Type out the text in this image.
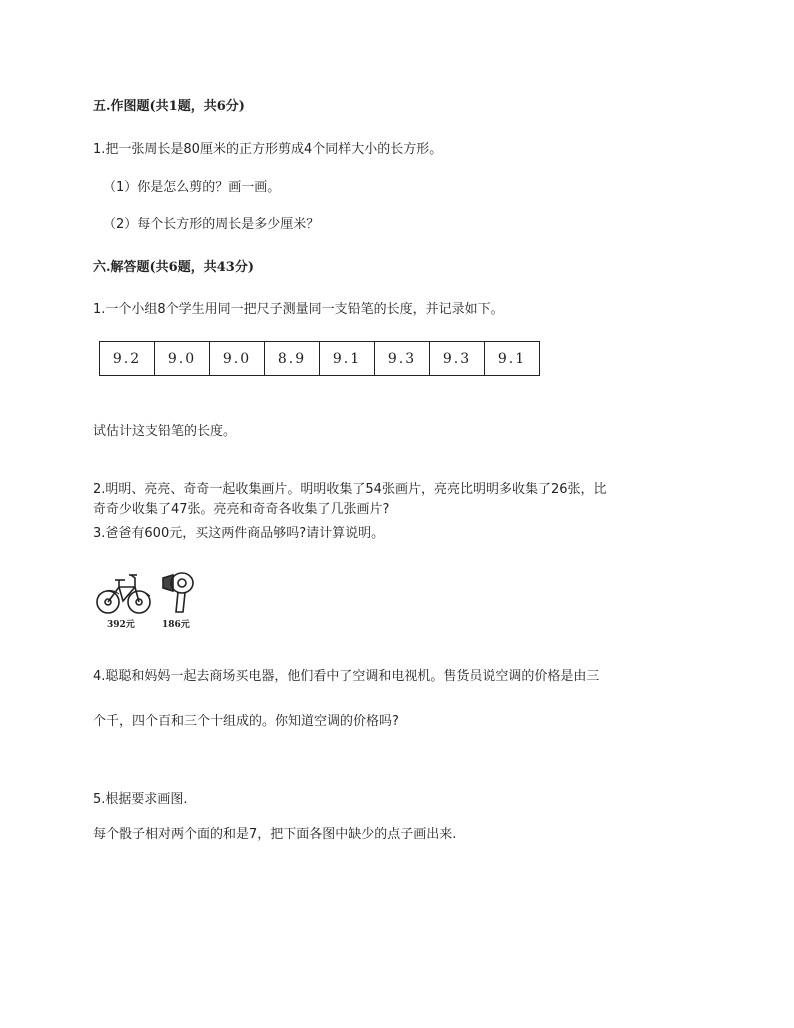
五.作图题(共1题，共6分)
1.把一张周长是80厘米的正方形剪成4个同样大小的长方形。
（1）你是怎么剪的？画一画。
（2）每个长方形的周长是多少厘米？
六.解答题(共6题，共43分)
1.一个小组8个学生用同一把尺子测量同一支铅笔的长度，并记录如下。
9.2	9.0	9.0	8.9	9.1	9.3	9.3	9.1
试估计这支铅笔的长度。
2.明明、亮亮、奇奇一起收集画片。明明收集了54张画片，亮亮比明明多收集了26张，比
奇奇少收集了47张。亮亮和奇奇各收集了几张画片?
3.爸爸有600元，买这两件商品够吗?请计算说明。
392元	186元
4.聪聪和妈妈一起去商场买电器，他们看中了空调和电视机。售货员说空调的价格是由三
个千，四个百和三个十组成的。你知道空调的价格吗?
5.根据要求画图.
每个骰子相对两个面的和是7，把下面各图中缺少的点子画出来.
